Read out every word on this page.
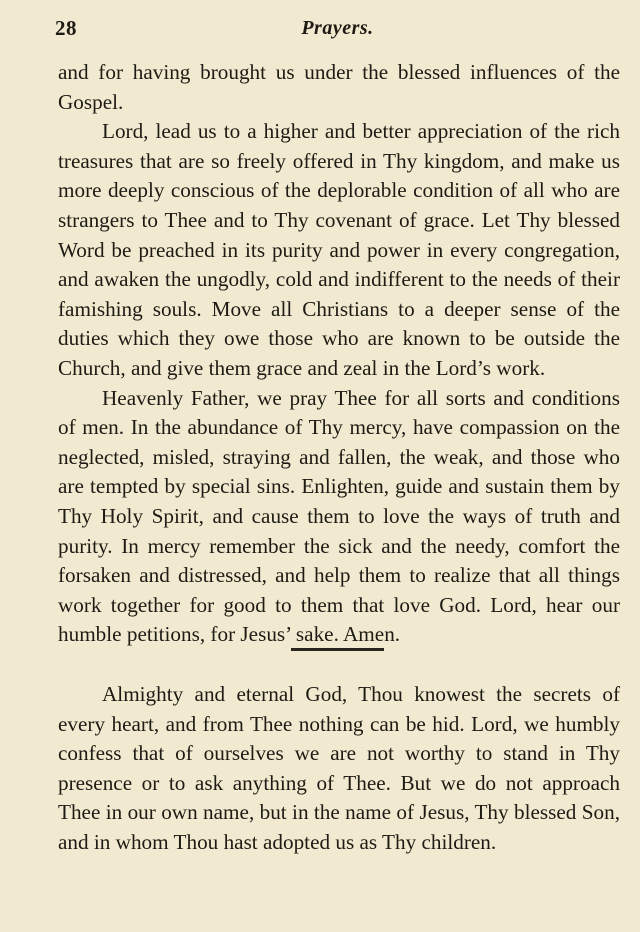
28	Prayers.

and for having brought us under the blessed influences of the Gospel.

Lord, lead us to a higher and better appreciation of the rich treasures that are so freely offered in Thy kingdom, and make us more deeply conscious of the deplorable condition of all who are strangers to Thee and to Thy covenant of grace. Let Thy blessed Word be preached in its purity and power in every congregation, and awaken the ungodly, cold and indifferent to the needs of their famishing souls. Move all Christians to a deeper sense of the duties which they owe those who are known to be outside the Church, and give them grace and zeal in the Lord’s work.

Heavenly Father, we pray Thee for all sorts and conditions of men. In the abundance of Thy mercy, have compassion on the neglected, misled, straying and fallen, the weak, and those who are tempted by special sins. Enlighten, guide and sustain them by Thy Holy Spirit, and cause them to love the ways of truth and purity. In mercy remember the sick and the needy, comfort the forsaken and distressed, and help them to realize that all things work together for good to them that love God. Lord, hear our humble petitions, for Jesus’ sake. Amen.

Almighty and eternal God, Thou knowest the secrets of every heart, and from Thee nothing can be hid. Lord, we humbly confess that of ourselves we are not worthy to stand in Thy presence or to ask anything of Thee. But we do not approach Thee in our own name, but in the name of Jesus, Thy blessed Son, and in whom Thou hast adopted us as Thy children.
